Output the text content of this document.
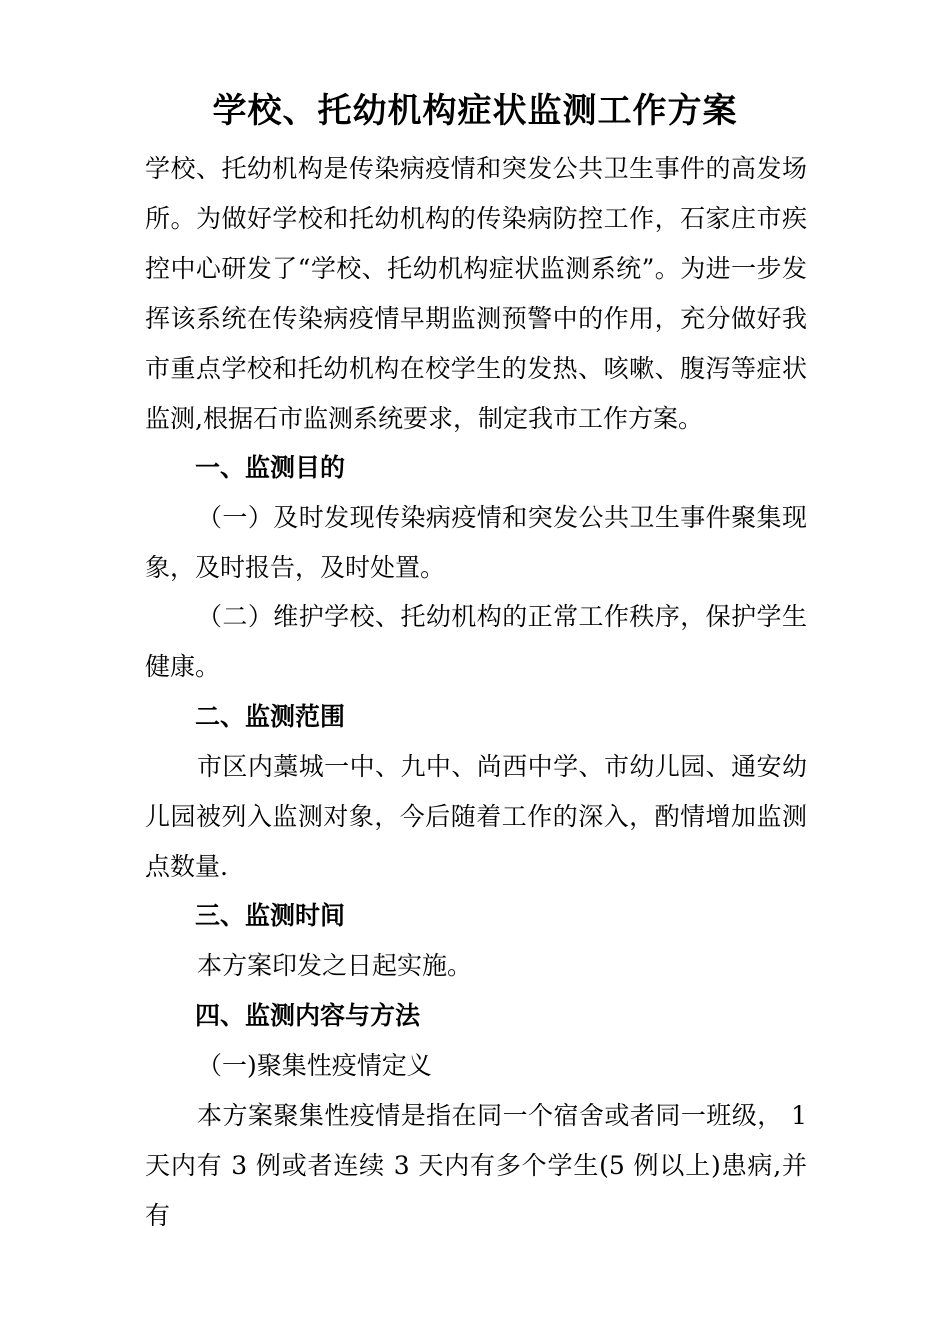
学校、托幼机构症状监测工作方案

学校、托幼机构是传染病疫情和突发公共卫生事件的高发场所。为做好学校和托幼机构的传染病防控工作，石家庄市疾控中心研发了“学校、托幼机构症状监测系统”。为进一步发挥该系统在传染病疫情早期监测预警中的作用，充分做好我市重点学校和托幼机构在校学生的发热、咳嗽、腹泻等症状监测,根据石市监测系统要求，制定我市工作方案。

一、监测目的

（一）及时发现传染病疫情和突发公共卫生事件聚集现象，及时报告，及时处置。

（二）维护学校、托幼机构的正常工作秩序，保护学生健康。

二、监测范围

市区内藁城一中、九中、尚西中学、市幼儿园、通安幼儿园被列入监测对象，今后随着工作的深入，酌情增加监测点数量.

三、监测时间

本方案印发之日起实施。

四、监测内容与方法

（一)聚集性疫情定义

本方案聚集性疫情是指在同一个宿舍或者同一班级， 1天内有 3 例或者连续 3 天内有多个学生(5 例以上)患病,并有
